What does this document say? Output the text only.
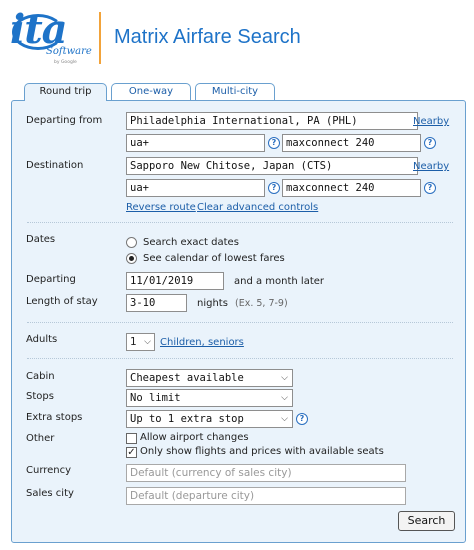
ita
Software
by Google
Matrix Airfare Search
Round trip	One-way	Multi-city
Departing from	Philadelphia International, PA (PHL)	Nearby
ua+	? maxconnect 240	?
Destination	Sapporo New Chitose, Japan (CTS)	Nearby
ua+	? maxconnect 240	?
Reverse route Clear advanced controls
Dates	Search exact dates
See calendar of lowest fares
Departing	11/01/2019	and a month later
Length of stay	3-10	nights (Ex. 5, 7-9)
Adults	1 ⌵ Children, seniors
Cabin	Cheapest available	⌵
Stops	No limit	⌵
Extra stops	Up to 1 extra stop	⌵	?
Other	Allow airport changes
✓ Only show flights and prices with available seats
Currency	Default (currency of sales city)
Sales city	Default (departure city)
Search
